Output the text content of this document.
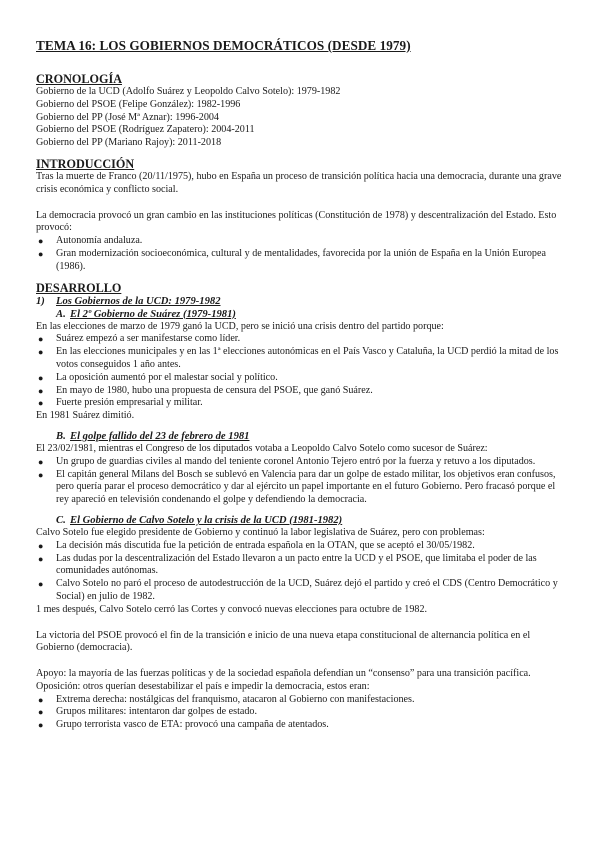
TEMA 16: LOS GOBIERNOS DEMOCRÁTICOS (DESDE 1979)
CRONOLOGÍA
Gobierno de la UCD (Adolfo Suárez y Leopoldo Calvo Sotelo): 1979-1982
Gobierno del PSOE (Felipe González): 1982-1996
Gobierno del PP (José Mª Aznar): 1996-2004
Gobierno del PSOE (Rodríguez Zapatero): 2004-2011
Gobierno del PP (Mariano Rajoy): 2011-2018
INTRODUCCIÓN
Tras la muerte de Franco (20/11/1975), hubo en España un proceso de transición política hacia una democracia, durante una grave crisis económica y conflicto social.
La democracia provocó un gran cambio en las instituciones políticas (Constitución de 1978) y descentralización del Estado. Esto provocó:
● Autonomía andaluza.
● Gran modernización socioeconómica, cultural y de mentalidades, favorecida por la unión de España en la Unión Europea (1986).
DESARROLLO
1) Los Gobiernos de la UCD: 1979-1982
A. El 2º Gobierno de Suárez (1979-1981)
En las elecciones de marzo de 1979 ganó la UCD, pero se inició una crisis dentro del partido porque:
● Suárez empezó a ser manifestarse como líder.
● En las elecciones municipales y en las 1ª elecciones autonómicas en el País Vasco y Cataluña, la UCD perdió la mitad de los votos conseguidos 1 año antes.
● La oposición aumentó por el malestar social y político.
● En mayo de 1980, hubo una propuesta de censura del PSOE, que ganó Suárez.
● Fuerte presión empresarial y militar.
En 1981 Suárez dimitió.
B. El golpe fallido del 23 de febrero de 1981
El 23/02/1981, mientras el Congreso de los diputados votaba a Leopoldo Calvo Sotelo como sucesor de Suárez:
● Un grupo de guardias civiles al mando del teniente coronel Antonio Tejero entró por la fuerza y retuvo a los diputados.
● El capitán general Milans del Bosch se sublevó en Valencia para dar un golpe de estado militar, los objetivos eran confusos, pero quería parar el proceso democrático y dar al ejército un papel importante en el futuro Gobierno. Pero fracasó porque el rey apareció en televisión condenando el golpe y defendiendo la democracia.
C. El Gobierno de Calvo Sotelo y la crisis de la UCD (1981-1982)
Calvo Sotelo fue elegido presidente de Gobierno y continuó la labor legislativa de Suárez, pero con problemas:
● La decisión más discutida fue la petición de entrada española en la OTAN, que se aceptó el 30/05/1982.
● Las dudas por la descentralización del Estado llevaron a un pacto entre la UCD y el PSOE, que limitaba el poder de las comunidades autónomas.
● Calvo Sotelo no paró el proceso de autodestrucción de la UCD, Suárez dejó el partido y creó el CDS (Centro Democrático y Social) en julio de 1982.
1 mes después, Calvo Sotelo cerró las Cortes y convocó nuevas elecciones para octubre de 1982.
La victoria del PSOE provocó el fin de la transición e inicio de una nueva etapa constitucional de alternancia política en el Gobierno (democracia).
Apoyo: la mayoría de las fuerzas políticas y de la sociedad española defendían un “consenso” para una transición pacífica.
Oposición: otros querían desestabilizar el país e impedir la democracia, estos eran:
● Extrema derecha: nostálgicas del franquismo, atacaron al Gobierno con manifestaciones.
● Grupos militares: intentaron dar golpes de estado.
● Grupo terrorista vasco de ETA: provocó una campaña de atentados.
